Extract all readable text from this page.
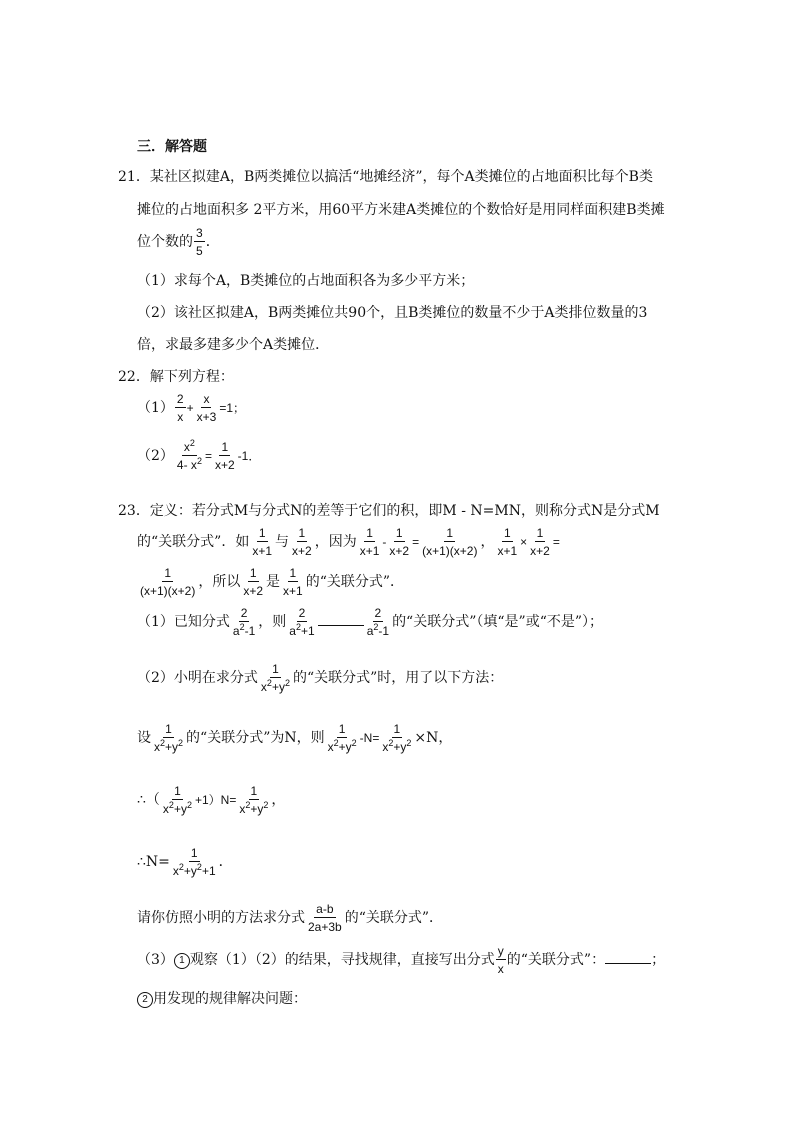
三．解答题
21．某社区拟建A，B两类摊位以搞活“地摊经济”，每个A类摊位的占地面积比每个B类
摊位的占地面积多 2平方米，用60平方米建A类摊位的个数恰好是用同样面积建B类摊
位个数的 $\frac{3}{5}$ ．
（1）求每个A，B类摊位的占地面积各为多少平方米；
（2）该社区拟建A，B两类摊位共90个，且B类摊位的数量不少于A类排位数量的3
倍，求最多建多少个A类摊位．
22．解下列方程：
$(1) \frac{2}{x} + \frac{x}{x+3} =1$；
$(2) \frac{x^2}{4- x^2} = \frac{1}{x+2} -1$．
23．定义：若分式M与分式N的差等于它们的积，即M - N=MN，则称分式N是分式M
的“关联分式”．如 $\frac{1}{x+1}$ 与 $\frac{1}{x+2}$ ，因为 $\frac{1}{x+1} - \frac{1}{x+2} = \frac{1}{(x+1)(x+2)}$ ， $\frac{1}{x+1} \times \frac{1}{x+2}$ =
$\frac{1}{(x+1)(x+2)}$ ，所以 $\frac{1}{x+2}$ 是 $\frac{1}{x+1}$ 的“关联分式”．
（1）已知分式 $\frac{2}{a^2-1}$ ，则 $\frac{2}{a^2+1}$	$\frac{2}{a^2-1}$ 的“关联分式”（填“是”或“不是”）；
（2）小明在求分式 $\frac{1}{x^2+y^2}$ 的“关联分式”时，用了以下方法：
设 $\frac{1}{x^2+y^2}$ 的“关联分式”为N，则 $\frac{1}{x^2+y^2} -N= \frac{1}{x^2+y^2} \times N$，
∴（ $\frac{1}{x^2+y^2} +1)N= \frac{1}{x^2+y^2}$ ，
∴N= $\frac{1}{x^2+y^2+1}$ ．
请你仿照小明的方法求分式 $\frac{a-b}{2a+3b}$ 的“关联分式”．
（3） 1 观察（1）（2）的结果，寻找规律，直接写出分式 $\frac{y}{x}$ 的“关联分式”：	；
2 用发现的规律解决问题：
